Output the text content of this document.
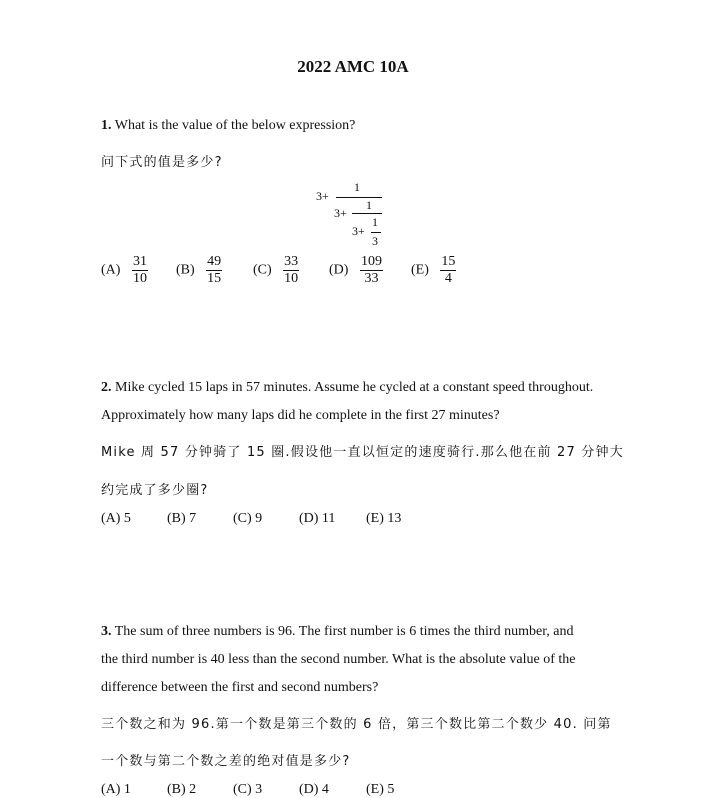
2022 AMC 10A
1. What is the value of the below expression?
问下式的值是多少?
3+
1
3+
1
3+
1
3
$(A) \frac{31}{10} (B) \frac{49}{15} (C) \frac{33}{10} (D) \frac{109}{33} (E) \frac{15}{4}$
2. Mike cycled 15 laps in 57 minutes. Assume he cycled at a constant speed throughout.
Approximately how many laps did he complete in the first 27 minutes?
Mike 周 57 分钟骑了 15 圈.假设他一直以恒定的速度骑行.那么他在前 27 分钟大
约完成了多少圈?
(A) 5	(B) 7	(C) 9	(D) 11 (E) 13
3. The sum of three numbers is 96. The first number is 6 times the third number, and
the third number is 40 less than the second number. What is the absolute value of the
difference between the first and second numbers?
三个数之和为 96.第一个数是第三个数的 6 倍，第三个数比第二个数少 40. 问第
一个数与第二个数之差的绝对值是多少?
(A) 1	(B) 2	(C) 3	(D) 4	(E) 5
